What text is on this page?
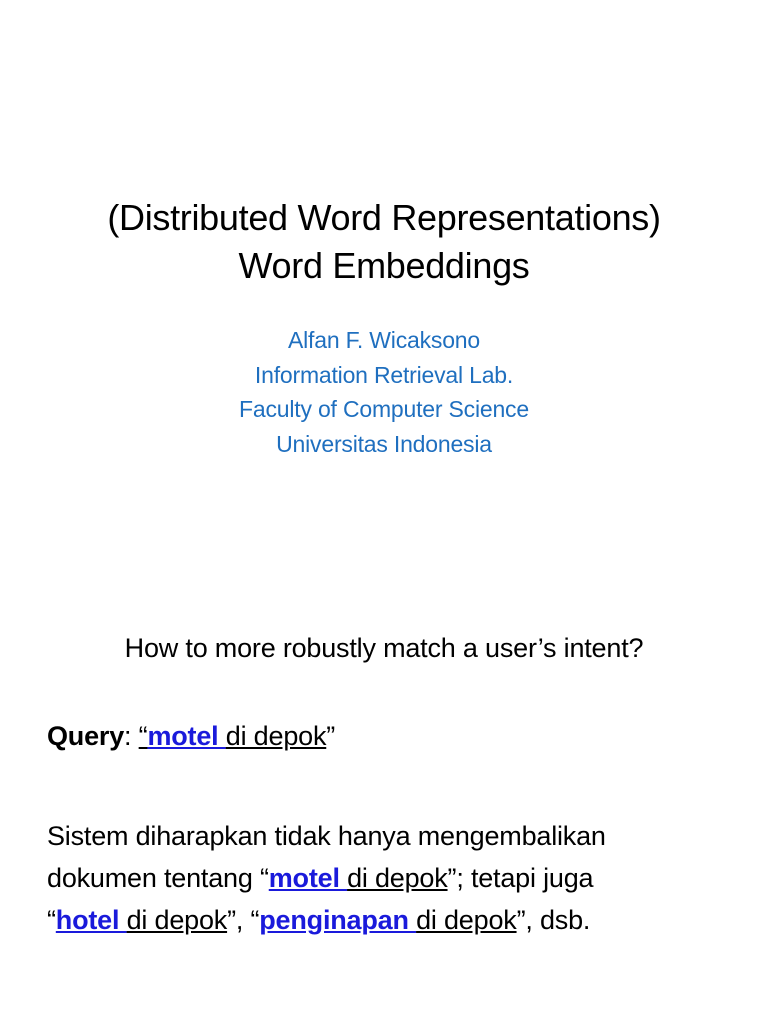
(Distributed Word Representations)
Word Embeddings
Alfan F. Wicaksono
Information Retrieval Lab.
Faculty of Computer Science
Universitas Indonesia
How to more robustly match a user’s intent?
Query: “motel di depok”
Sistem diharapkan tidak hanya mengembalikan
dokumen tentang “motel di depok”; tetapi juga
“hotel di depok”, “penginapan di depok”, dsb.
